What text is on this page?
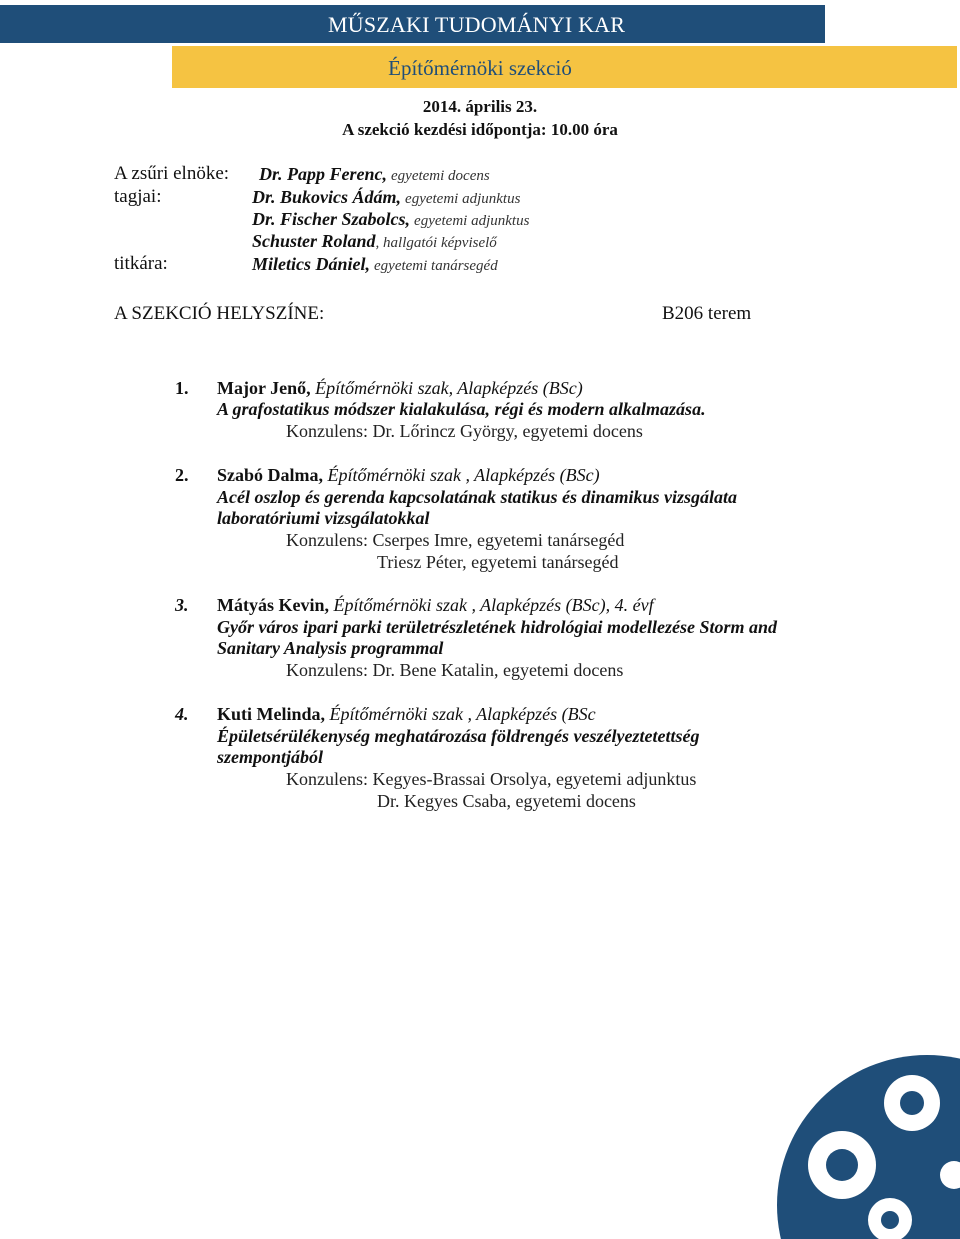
MŰSZAKI TUDOMÁNYI KAR
Építőmérnöki szekció
2014. április 23.
A szekció kezdési időpontja: 10.00 óra
A zsűri elnöke: Dr. Papp Ferenc, egyetemi docens
tagjai:	Dr. Bukovics Ádám, egyetemi adjunktus
Dr. Fischer Szabolcs, egyetemi adjunktus
Schuster Roland, hallgatói képviselő
titkára:	Miletics Dániel, egyetemi tanársegéd
A SZEKCIÓ HELYSZÍNE:	B206 terem
1. Major Jenő, Építőmérnöki szak, Alapképzés (BSc)
A grafostatikus módszer kialakulása, régi és modern alkalmazása.
Konzulens: Dr. Lőrincz György, egyetemi docens
2. Szabó Dalma, Építőmérnöki szak , Alapképzés (BSc)
Acél oszlop és gerenda kapcsolatának statikus és dinamikus vizsgálata
laboratóriumi vizsgálatokkal
Konzulens: Cserpes Imre, egyetemi tanársegéd
Triesz Péter, egyetemi tanársegéd
3. Mátyás Kevin, Építőmérnöki szak , Alapképzés (BSc), 4. évf
Győr város ipari parki területrészletének hidrológiai modellezése Storm and
Sanitary Analysis programmal
Konzulens: Dr. Bene Katalin, egyetemi docens
4. Kuti Melinda, Építőmérnöki szak , Alapképzés (BSc
Épületsérülékenység meghatározása földrengés veszélyeztetettség
szempontjából
Konzulens: Kegyes-Brassai Orsolya, egyetemi adjunktus
Dr. Kegyes Csaba, egyetemi docens
